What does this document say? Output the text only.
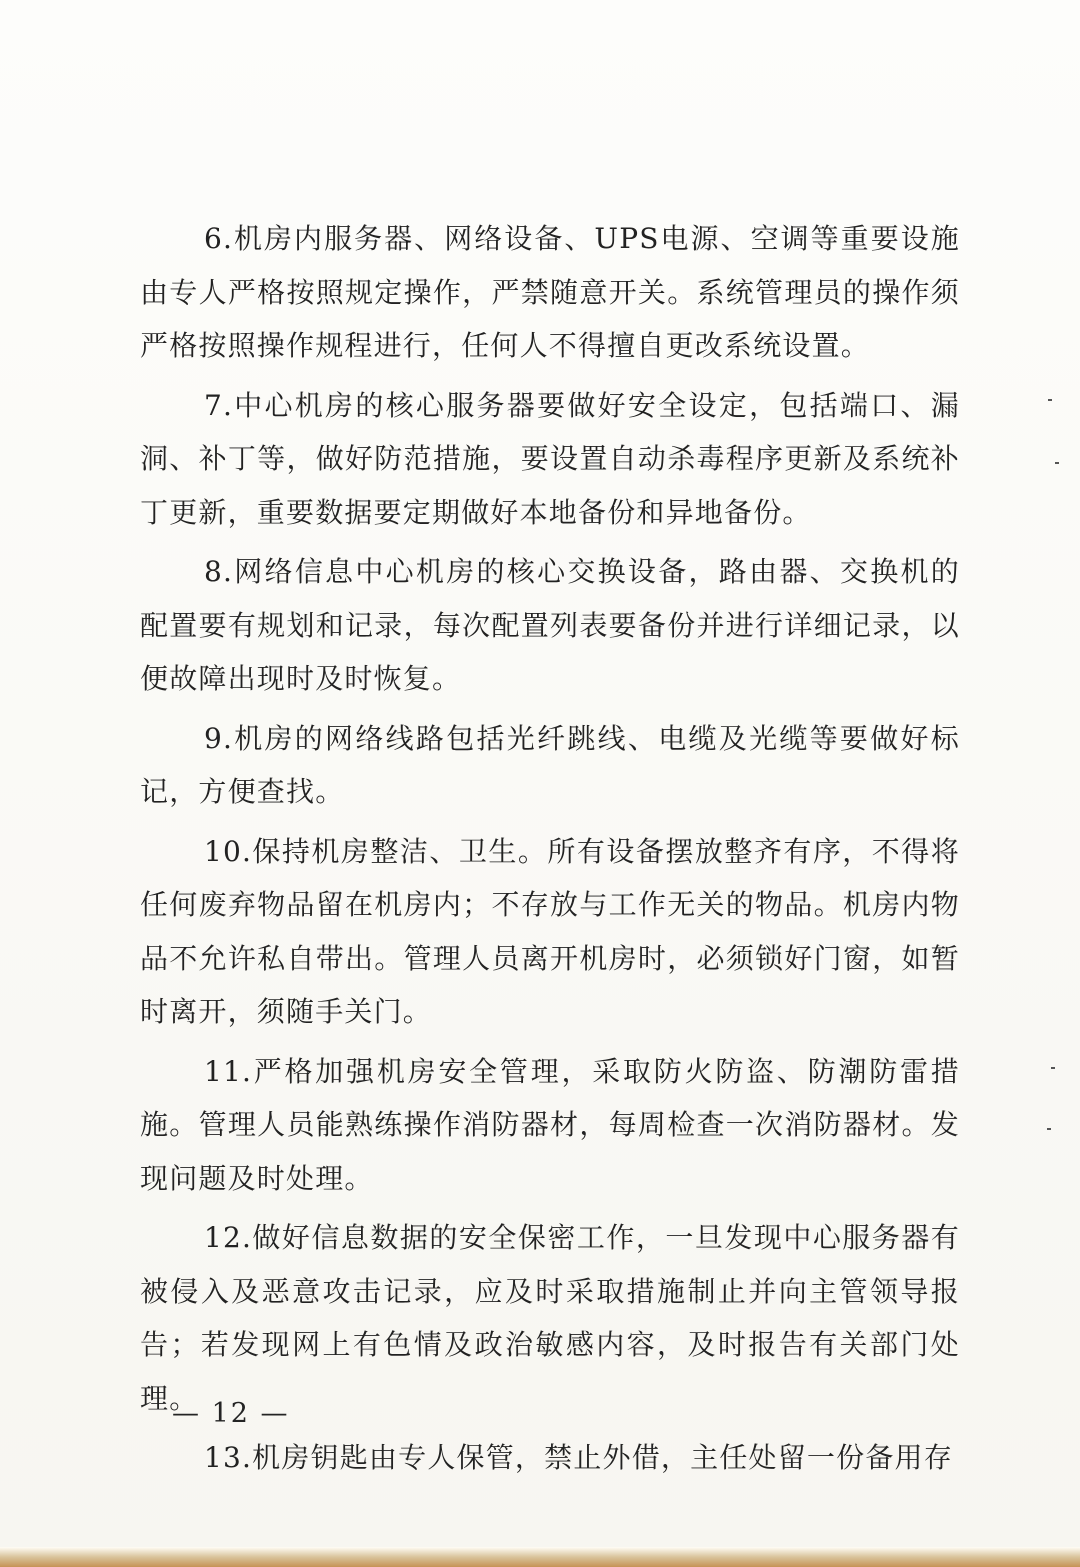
6.机房内服务器、网络设备、UPS电源、空调等重要设施由专人严格按照规定操作，严禁随意开关。系统管理员的操作须严格按照操作规程进行，任何人不得擅自更改系统设置。

7.中心机房的核心服务器要做好安全设定，包括端口、漏洞、补丁等，做好防范措施，要设置自动杀毒程序更新及系统补丁更新，重要数据要定期做好本地备份和异地备份。

8.网络信息中心机房的核心交换设备，路由器、交换机的配置要有规划和记录，每次配置列表要备份并进行详细记录，以便故障出现时及时恢复。

9.机房的网络线路包括光纤跳线、电缆及光缆等要做好标记，方便查找。

10.保持机房整洁、卫生。所有设备摆放整齐有序，不得将任何废弃物品留在机房内；不存放与工作无关的物品。机房内物品不允许私自带出。管理人员离开机房时，必须锁好门窗，如暂时离开，须随手关门。

11.严格加强机房安全管理，采取防火防盗、防潮防雷措施。管理人员能熟练操作消防器材，每周检查一次消防器材。发现问题及时处理。

12.做好信息数据的安全保密工作，一旦发现中心服务器有被侵入及恶意攻击记录，应及时采取措施制止并向主管领导报告；若发现网上有色情及政治敏感内容，及时报告有关部门处理。

13.机房钥匙由专人保管，禁止外借，主任处留一份备用存

— 12 —
